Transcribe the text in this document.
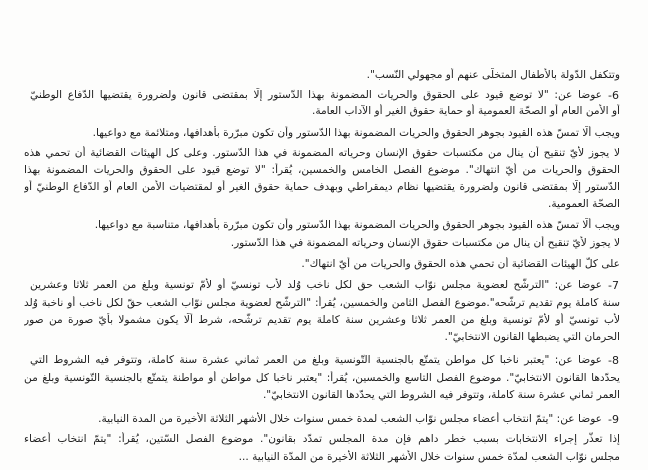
وتتكفل الدّولة بالأطفال المتخلّى عنهم أو مجهولي النّسب".
-6
عوضا عن: "لا توضع قيود على الحقوق والحريات المضمونة بهذا الدّستور إلّا بمقتضى قانون ولضرورة يقتضيها الدّفاع الوطنيّ
أو الأمن العام أو الصحّة العمومية أو حماية حقوق الغير أو الآداب العامة.
ويجب ألّا تمسّ هذه القيود بجوهر الحقوق والحريات المضمونة بهذا الدّستور وأن تكون مبرّرة بأهدافها، ومتلائمة مع دواعيها.
لا يجوز لأيّ تنقيح أن ينال من مكتسبات حقوق الإنسان وحرياته المضمونة في هذا الدّستور. وعلى كل الهيئات القضائية أن تحمي هذه
الحقوق والحريات من أيّ انتهاك". موضوع الفصل الخامس والخمسين، يُقرأ: "لا توضع قيود على الحقوق والحريات المضمونة بهذا
الدّستور إلّا بمقتضى قانون ولضرورة يقتضيها نظام ديمقراطي وبهدف حماية حقوق الغير أو لمقتضيات الأمن العام أو الدّفاع الوطنيّ أو
الصحّة العمومية.
ويجب ألّا تمسّ هذه القيود بجوهر الحقوق والحريات المضمونة بهذا الدّستور وأن تكون مبرّرة بأهدافها، متناسبة مع دواعيها.
لا يجوز لأيّ تنقيح أن ينال من مكتسبات حقوق الإنسان وحرياته المضمونة في هذا الدّستور.
على كلّ الهيئات القضائية أن تحمي هذه الحقوق والحريات من أيّ انتهاك".
-7
عوضا عن: "الترشّح لعضوية مجلس نوّاب الشعب حق لكل ناخب وُلد لأب تونسيّ أو لأمّ تونسية وبلغ من العمر ثلاثا وعشرين
سنة كاملة يوم تقديم ترشّحه".موضوع الفصل الثامن والخمسين، يُقرأ: "الترشّح لعضوية مجلس نوّاب الشعب حقّ لكل ناخب أو ناخبة وُلد
لأب تونسيّ أو لأمّ تونسية وبلغ من العمر ثلاثا وعشرين سنة كاملة يوم تقديم ترشّحه، شرط ألّا يكون مشمولا بأيّ صورة من صور
الحرمان التي يضبطها القانون الانتخابيّ".
-8
عوضا عن: "يعتبر ناخبا كل مواطن يتمتّع بالجنسية التّونسية وبلغ من العمر ثماني عشرة سنة كاملة، وتتوفر فيه الشروط التي
يحدّدها القانون الانتخابيّ". موضوع الفصل التاسع والخمسين، يُقرأ: "يعتبر ناخبا كل مواطن أو مواطنة يتمتّع بالجنسية التّونسية وبلغ من
العمر ثماني عشرة سنة كاملة، وتتوفر فيه الشروط التي يحدّدها القانون الانتخابيّ".
-9
عوضا عن: "يتمّ انتخاب أعضاء مجلس نوّاب الشعب لمدة خمس سنوات خلال الأشهر الثلاثة الأخيرة من المدة النيابية.
إذا تعذّر إجراء الانتخابات بسبب خطر داهم فإن مدة المجلس تمدّد بقانون". موضوع الفصل السّتين، يُقرأ: "يتمّ انتخاب أعضاء
مجلس نوّاب الشعب لمدّة خمس سنوات خلال الأشهر الثلاثة الأخيرة من المدّة النيابية ...
